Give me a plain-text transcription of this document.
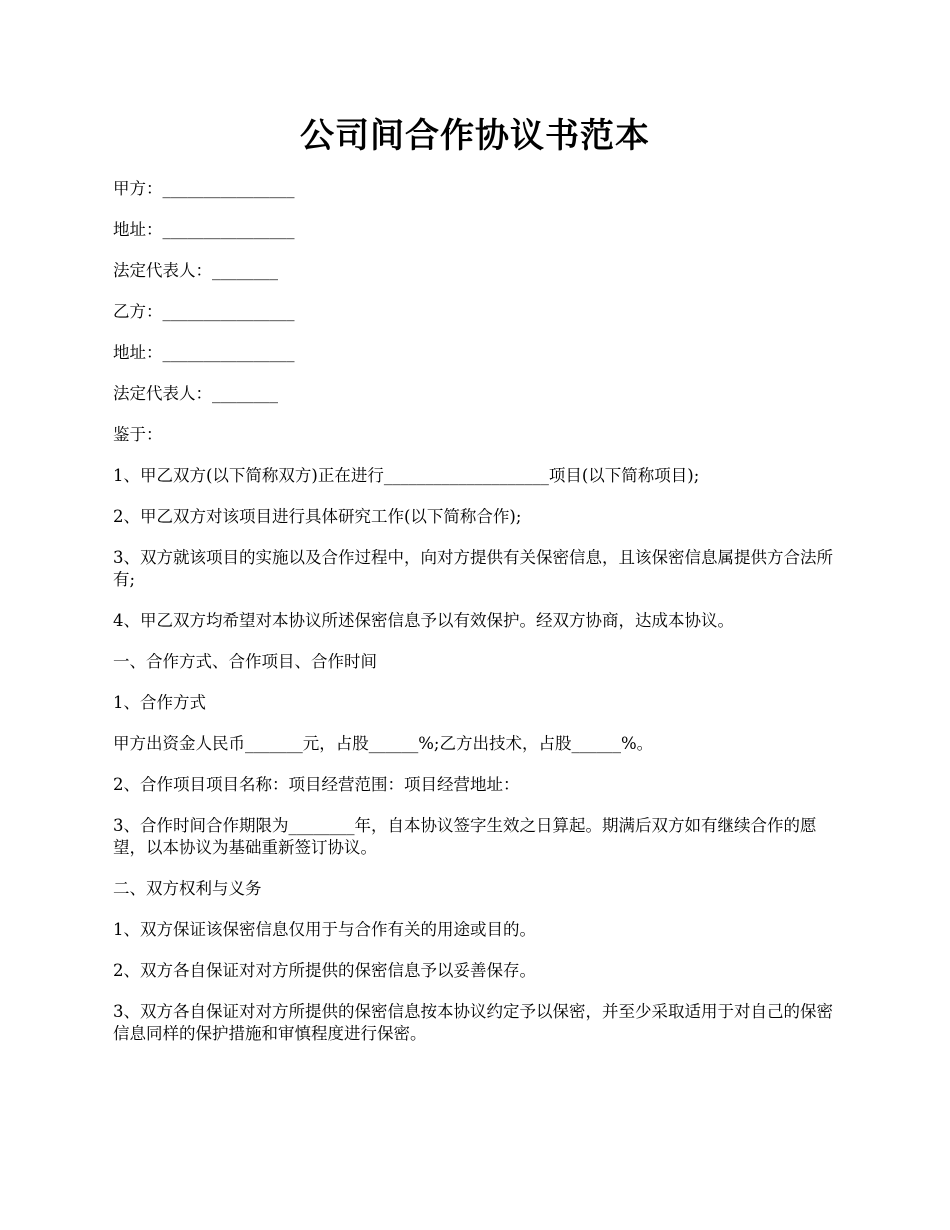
公司间合作协议书范本

甲方：________________

地址：________________

法定代表人：________

乙方：________________

地址：________________

法定代表人：________

鉴于：

1、甲乙双方(以下简称双方)正在进行____________________项目(以下简称项目);

2、甲乙双方对该项目进行具体研究工作(以下简称合作);

3、双方就该项目的实施以及合作过程中，向对方提供有关保密信息，且该保密信息属提供方合法所有;

4、甲乙双方均希望对本协议所述保密信息予以有效保护。经双方协商，达成本协议。

一、合作方式、合作项目、合作时间

1、合作方式

甲方出资金人民币_______元，占股______%;乙方出技术，占股______%。

2、合作项目项目名称：项目经营范围：项目经营地址：

3、合作时间合作期限为________年，自本协议签字生效之日算起。期满后双方如有继续合作的愿望，以本协议为基础重新签订协议。

二、双方权利与义务

1、双方保证该保密信息仅用于与合作有关的用途或目的。

2、双方各自保证对对方所提供的保密信息予以妥善保存。

3、双方各自保证对对方所提供的保密信息按本协议约定予以保密，并至少采取适用于对自己的保密信息同样的保护措施和审慎程度进行保密。
